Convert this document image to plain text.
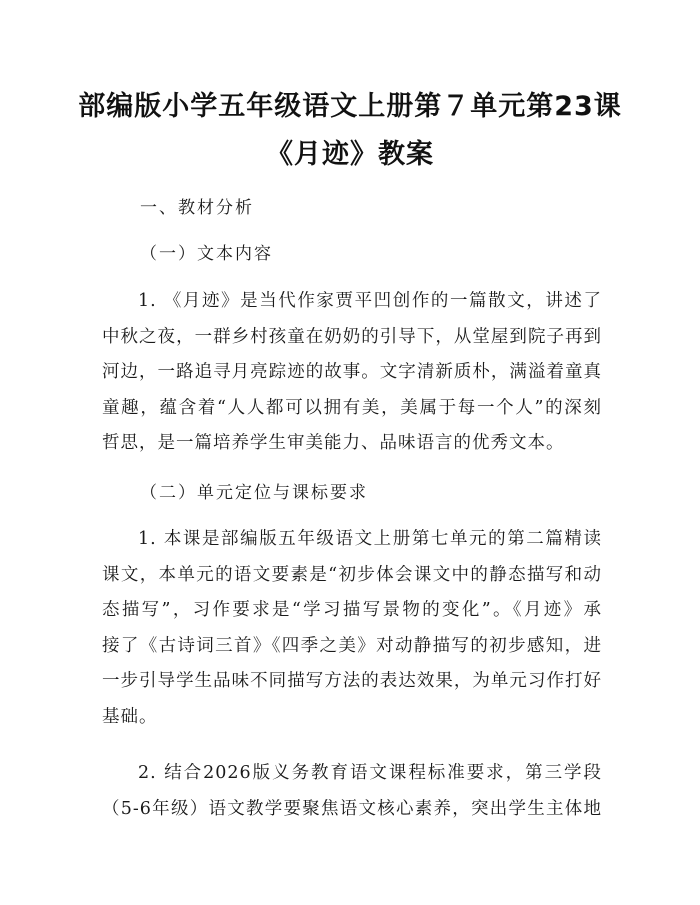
部编版小学五年级语文上册第７单元第23课
《月迹》教案
一、教材分析
（一）文本内容
1. 《月迹》是当代作家贾平凹创作的一篇散文，讲述了
中秋之夜，一群乡村孩童在奶奶的引导下，从堂屋到院子再到
河边，一路追寻月亮踪迹的故事。文字清新质朴，满溢着童真
童趣，蕴含着“人人都可以拥有美，美属于每一个人”的深刻
哲思，是一篇培养学生审美能力、品味语言的优秀文本。
（二）单元定位与课标要求
1. 本课是部编版五年级语文上册第七单元的第二篇精读
课文，本单元的语文要素是“初步体会课文中的静态描写和动
态描写”，习作要求是“学习描写景物的变化”。《月迹》承
接了《古诗词三首》《四季之美》对动静描写的初步感知，进
一步引导学生品味不同描写方法的表达效果，为单元习作打好
基础。
2. 结合2026版义务教育语文课程标准要求，第三学段
（5-6年级）语文教学要聚焦语文核心素养，突出学生主体地
